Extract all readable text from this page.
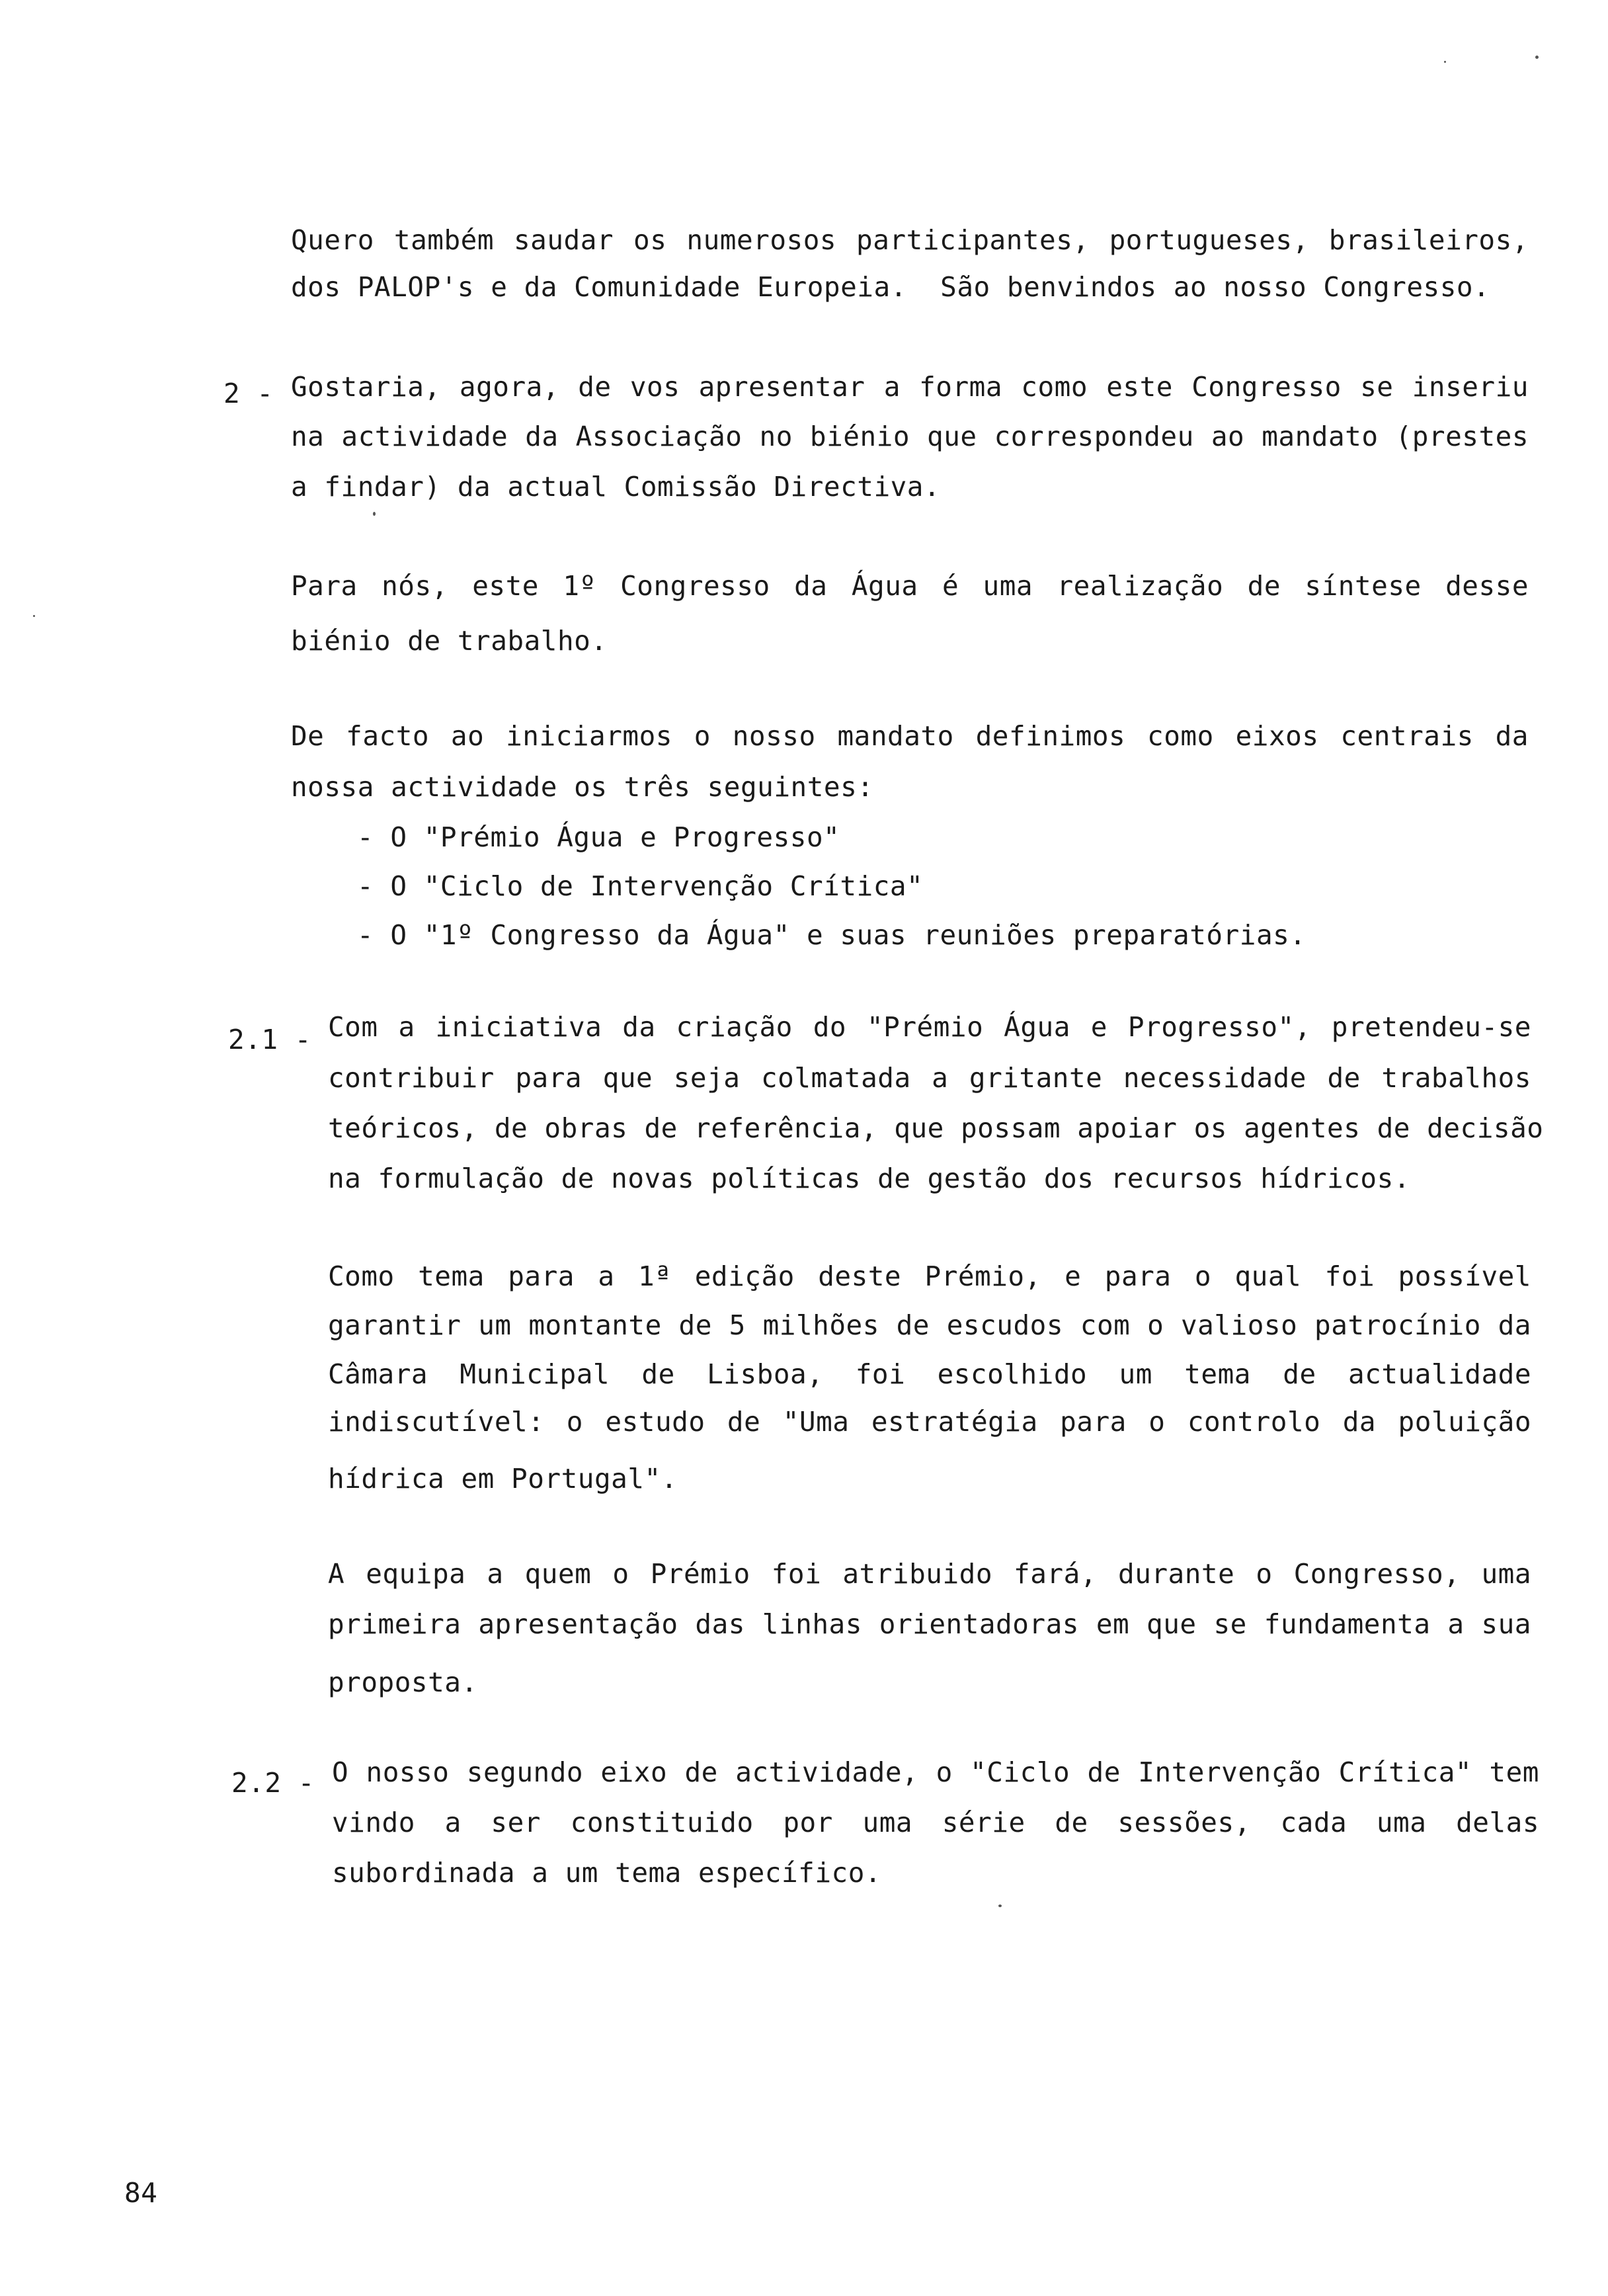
Quero também saudar os numerosos participantes, portugueses, brasileiros,
dos PALOP's e da Comunidade Europeia.  São benvindos ao nosso Congresso.
2 - Gostaria, agora, de vos apresentar a forma como este Congresso se inseriu
na actividade da Associação no biénio que correspondeu ao mandato (prestes
a findar) da actual Comissão Directiva.
Para nós, este 1º Congresso da Água é uma realização de síntese desse
biénio de trabalho.
De facto ao iniciarmos o nosso mandato definimos como eixos centrais da
nossa actividade os três seguintes:
- O "Prémio Água e Progresso"
- O "Ciclo de Intervenção Crítica"
- O "1º Congresso da Água" e suas reuniões preparatórias.
2.1 - Com a iniciativa da criação do "Prémio Água e Progresso", pretendeu-se
contribuir para que seja colmatada a gritante necessidade de trabalhos
teóricos, de obras de referência, que possam apoiar os agentes de decisão
na formulação de novas políticas de gestão dos recursos hídricos.
Como tema para a 1ª edição deste Prémio, e para o qual foi possível
garantir um montante de 5 milhões de escudos com o valioso patrocínio da
Câmara Municipal de Lisboa, foi escolhido um tema de actualidade
indiscutível: o estudo de "Uma estratégia para o controlo da poluição
hídrica em Portugal".
A equipa a quem o Prémio foi atribuido fará, durante o Congresso, uma
primeira apresentação das linhas orientadoras em que se fundamenta a sua
proposta.
2.2 - O nosso segundo eixo de actividade, o "Ciclo de Intervenção Crítica" tem
vindo a ser constituido por uma série de sessões, cada uma delas
subordinada a um tema específico.
84
